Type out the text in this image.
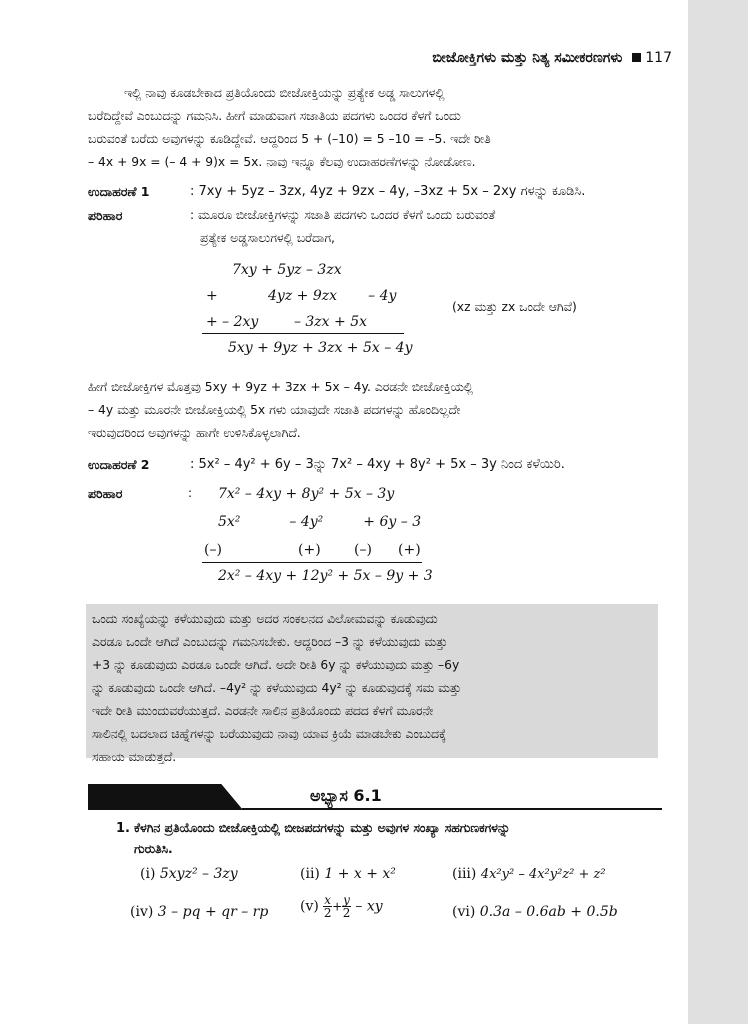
ಬೀಜೋಕ್ತಿಗಳು ಮತ್ತು ನಿತ್ಯ ಸಮೀಕರಣಗಳು 117

ಇಲ್ಲಿ ನಾವು ಕೂಡಬೇಕಾದ ಪ್ರತಿಯೊಂದು ಬೀಜೋಕ್ತಿಯನ್ನು ಪ್ರತ್ಯೇಕ ಅಡ್ಡ ಸಾಲುಗಳಲ್ಲಿ

ಬರೆದಿದ್ದೇವೆ ಎಂಬುದನ್ನು ಗಮನಿಸಿ. ಹೀಗೆ ಮಾಡುವಾಗ ಸಜಾತಿಯ ಪದಗಳು ಒಂದರ ಕೆಳಗೆ ಒಂದು

ಬರುವಂತೆ ಬರೆದು ಅವುಗಳನ್ನು ಕೂಡಿದ್ದೇವೆ. ಆದ್ದರಿಂದ 5 + (–10) = 5 –10 = –5. ಇದೇ ರೀತಿ

– 4x + 9x = (– 4 + 9)x = 5x. ನಾವು ಇನ್ನೂ ಕೆಲವು ಉದಾಹರಣೆಗಳನ್ನು ನೋಡೋಣ.

ಉದಾಹರಣೆ 1	: 7xy + 5yz – 3zx, 4yz + 9zx – 4y, –3xz + 5x – 2xy ಗಳನ್ನು ಕೂಡಿಸಿ.
ಪರಿಹಾರ	: ಮೂರೂ ಬೀಜೋಕ್ತಿಗಳನ್ನು ಸಜಾತಿ ಪದಗಳು ಒಂದರ ಕೆಳಗೆ ಒಂದು ಬರುವಂತೆ
ಪ್ರತ್ಯೇಕ ಅಡ್ಡಸಾಲುಗಳಲ್ಲಿ ಬರೆದಾಗ,
7xy + 5yz – 3zx
+	4yz + 9zx       – 4y
+ – 2xy        – 3zx + 5x
5xy + 9yz + 3zx + 5x – 4y
(xz ಮತ್ತು zx ಒಂದೇ ಆಗಿವೆ)

ಹೀಗೆ ಬೀಜೋಕ್ತಿಗಳ ಮೊತ್ತವು 5xy + 9yz + 3zx + 5x – 4y. ಎರಡನೇ ಬೀಜೋಕ್ತಿಯಲ್ಲಿ

– 4y ಮತ್ತು ಮೂರನೇ ಬೀಜೋಕ್ತಿಯಲ್ಲಿ 5x ಗಳು ಯಾವುದೇ ಸಜಾತಿ ಪದಗಳನ್ನು ಹೊಂದಿಲ್ಲದೇ

ಇರುವುದರಿಂದ ಅವುಗಳನ್ನು ಹಾಗೇ ಉಳಿಸಿಕೊಳ್ಳಲಾಗಿದೆ.

ಉದಾಹರಣೆ 2	: 5x² – 4y² + 6y – 3ನ್ನು 7x² – 4xy + 8y² + 5x – 3y ನಿಂದ ಕಳೆಯಿರಿ.
ಪರಿಹಾರ	: 7x² – 4xy + 8y² + 5x – 3y
5x²           – 4y²         + 6y – 3
(–)	(+) (–) (+)
2x² – 4xy + 12y² + 5x – 9y + 3
ಒಂದು ಸಂಖ್ಯೆಯನ್ನು ಕಳೆಯುವುದು ಮತ್ತು ಅದರ ಸಂಕಲನದ ವಿಲೋಮವನ್ನು ಕೂಡುವುದು
ಎರಡೂ ಒಂದೇ ಆಗಿದೆ ಎಂಬುದನ್ನು ಗಮನಿಸಬೇಕು. ಆದ್ದರಿಂದ –3 ನ್ನು ಕಳೆಯುವುದು ಮತ್ತು
+3 ನ್ನು ಕೂಡುವುದು ಎರಡೂ ಒಂದೇ ಆಗಿದೆ. ಅದೇ ರೀತಿ 6y ನ್ನು ಕಳೆಯುವುದು ಮತ್ತು –6y
ನ್ನು ಕೂಡುವುದು ಒಂದೇ ಆಗಿದೆ. –4y² ನ್ನು ಕಳೆಯುವುದು 4y² ನ್ನು ಕೂಡುವುದಕ್ಕೆ ಸಮ ಮತ್ತು
ಇದೇ ರೀತಿ ಮುಂದುವರೆಯುತ್ತದೆ. ಎರಡನೇ ಸಾಲಿನ ಪ್ರತಿಯೊಂದು ಪದದ ಕೆಳಗೆ ಮೂರನೇ
ಸಾಲಿನಲ್ಲಿ ಬದಲಾದ ಚಿಹ್ನೆಗಳನ್ನು ಬರೆಯುವುದು ನಾವು ಯಾವ ಕ್ರಿಯೆ ಮಾಡಬೇಕು ಎಂಬುದಕ್ಕೆ
ಸಹಾಯ ಮಾಡುತ್ತದೆ.
ಅಭ್ಯಾಸ 6.1
1. ಕೆಳಗಿನ ಪ್ರತಿಯೊಂದು ಬೀಜೋಕ್ತಿಯಲ್ಲಿ ಬೀಜಪದಗಳನ್ನು ಮತ್ತು ಅವುಗಳ ಸಂಖ್ಯಾ ಸಹಗುಣಕಗಳನ್ನು
ಗುರುತಿಸಿ.
(i) 5xyz² – 3zy	(ii) 1 + x + x²	(iii) 4x²y² – 4x²y²z² + z²
(iv) 3 – pq + qr – rp $(v) \frac{x}{2} + \frac{y}{2}$ – xy	(vi) 0.3a – 0.6ab + 0.5b
